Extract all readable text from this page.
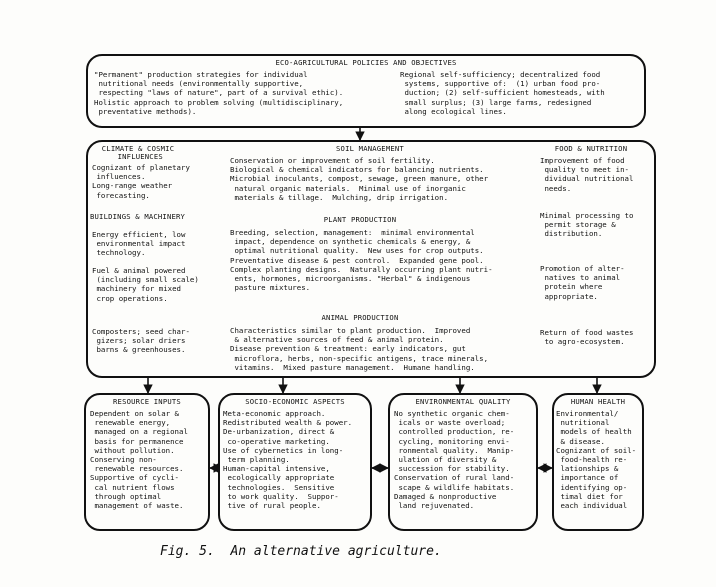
ECO-AGRICULTURAL POLICIES AND OBJECTIVES
"Permanent" production strategies for individual
nutritional needs (environmentally supportive,
respecting "laws of nature", part of a survival ethic).
Holistic approach to problem solving (multidisciplinary,
preventative methods).
Regional self-sufficiency; decentralized food
systems, supportive of:  (1) urban food pro-
duction; (2) self-sufficient homesteads, with
small surplus; (3) large farms, redesigned
along ecological lines.
CLIMATE & COSMIC
INFLUENCES
Cognizant of planetary
influences.
Long-range weather
forecasting.
BUILDINGS & MACHINERY
Energy efficient, low
environmental impact
technology.
Fuel & animal powered
(including small scale)
machinery for mixed
crop operations.
Composters; seed char-
gizers; solar driers
barns & greenhouses.
SOIL MANAGEMENT
Conservation or improvement of soil fertility.
Biological & chemical indicators for balancing nutrients.
Microbial inoculants, compost, sewage, green manure, other
natural organic materials.  Minimal use of inorganic
materials & tillage.  Mulching, drip irrigation.
PLANT PRODUCTION
Breeding, selection, management:  minimal environmental
impact, dependence on synthetic chemicals & energy, &
optimal nutritional quality.  New uses for crop outputs.
Preventative disease & pest control.  Expanded gene pool.
Complex planting designs.  Naturally occurring plant nutri-
ents, hormones, microorganisms. "Herbal" & indigenous
pasture mixtures.
ANIMAL PRODUCTION
Characteristics similar to plant production.  Improved
& alternative sources of feed & animal protein.
Disease prevention & treatment: early indicators, gut
microflora, herbs, non-specific antigens, trace minerals,
vitamins.  Mixed pasture management.  Humane handling.
FOOD & NUTRITION
Improvement of food
quality to meet in-
dividual nutritional
needs.
Minimal processing to
permit storage &
distribution.
Promotion of alter-
natives to animal
protein where
appropriate.
Return of food wastes
to agro-ecosystem.
RESOURCE INPUTS
Dependent on solar &
renewable energy,
managed on a regional
basis for permanence
without pollution.
Conserving non-
renewable resources.
Supportive of cycli-
cal nutrient flows
through optimal
management of waste.
SOCIO-ECONOMIC ASPECTS
Meta-economic approach.
Redistributed wealth & power.
De-urbanization, direct &
co-operative marketing.
Use of cybernetics in long-
term planning.
Human-capital intensive,
ecologically appropriate
technologies.  Sensitive
to work quality.  Suppor-
tive of rural people.
ENVIRONMENTAL QUALITY
No synthetic organic chem-
icals or waste overload;
controlled production, re-
cycling, monitoring envi-
ronmental quality.  Manip-
ulation of diversity &
succession for stability.
Conservation of rural land-
scape & wildlife habitats.
Damaged & nonproductive
land rejuvenated.
HUMAN HEALTH
Environmental/
nutritional
models of health
& disease.
Cognizant of soil-
food-health re-
lationships &
importance of
identifying op-
timal diet for
each individual
Fig. 5.  An alternative agriculture.
